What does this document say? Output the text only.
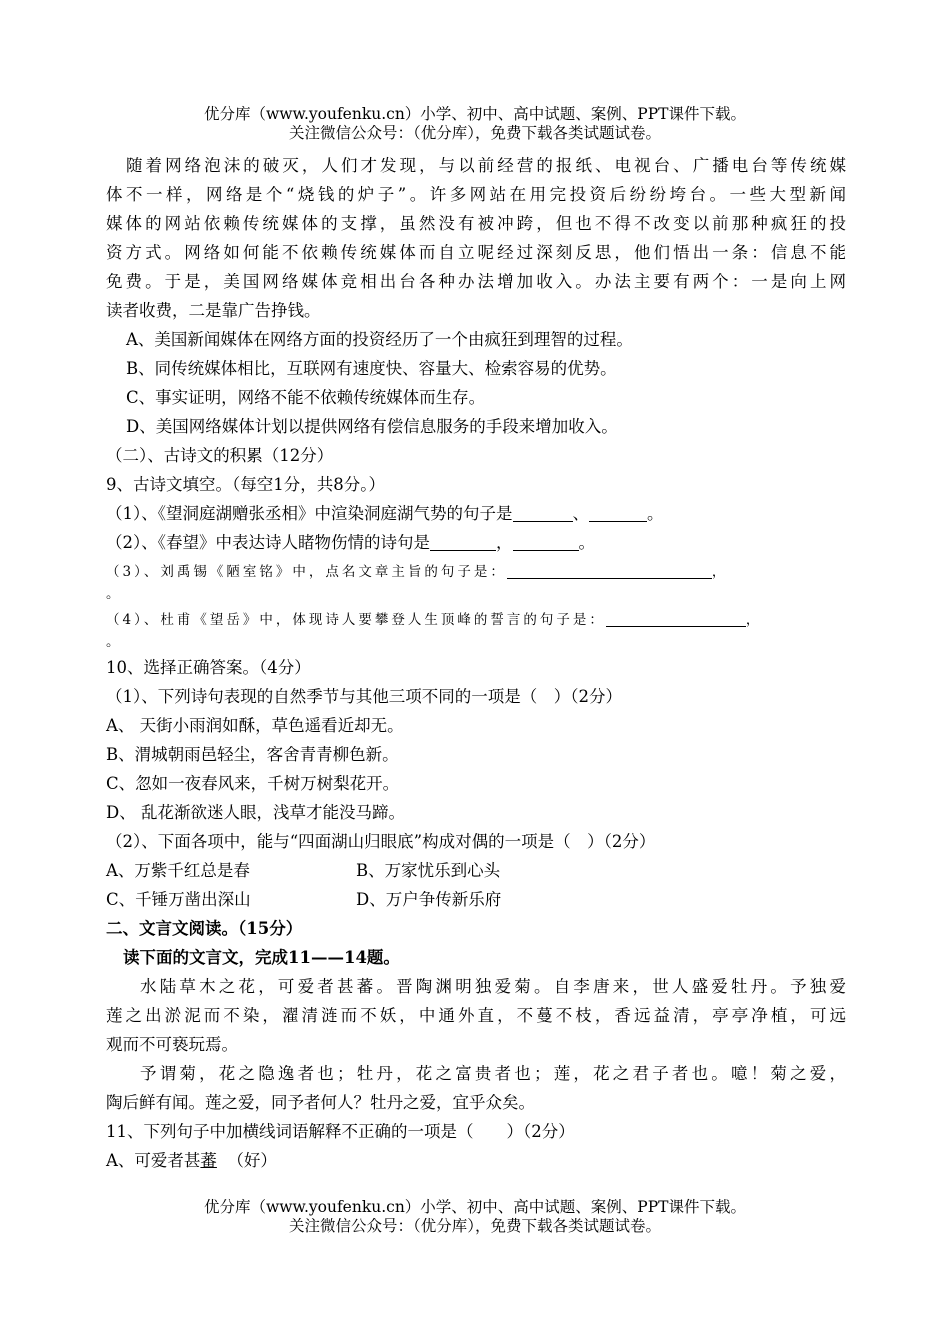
优分库（www.youfenku.cn）小学、初中、高中试题、案例、PPT课件下载。
关注微信公众号：（优分库），免费下载各类试题试卷。
随着网络泡沫的破灭，人们才发现，与以前经营的报纸、电视台、广播电台等传统媒
体不一样，网络是个“烧钱的炉子”。许多网站在用完投资后纷纷垮台。一些大型新闻
媒体的网站依赖传统媒体的支撑，虽然没有被冲跨，但也不得不改变以前那种疯狂的投
资方式。网络如何能不依赖传统媒体而自立呢经过深刻反思，他们悟出一条：信息不能
免费。于是，美国网络媒体竞相出台各种办法增加收入。办法主要有两个：一是向上网
读者收费，二是靠广告挣钱。
A、美国新闻媒体在网络方面的投资经历了一个由疯狂到理智的过程。
B、同传统媒体相比，互联网有速度快、容量大、检索容易的优势。
C、事实证明，网络不能不依赖传统媒体而生存。
D、美国网络媒体计划以提供网络有偿信息服务的手段来增加收入。
（二）、古诗文的积累（12分）
9、古诗文填空。（每空1分，共8分。）
（1）、《望洞庭湖赠张丞相》中渲染洞庭湖气势的句子是	、	。
（2）、《春望》中表达诗人睹物伤情的诗句是	，	。
（3）、刘禹锡《陋室铭》中，点名文章主旨的句子是：	，
。
（4）、杜甫《望岳》中，体现诗人要攀登人生顶峰的誓言的句子是：	，
。
10、选择正确答案。（4分）
（1）、下列诗句表现的自然季节与其他三项不同的一项是（　）（2分）
A、 天街小雨润如酥，草色遥看近却无。
B、渭城朝雨邑轻尘，客舍青青柳色新。
C、忽如一夜春风来，千树万树梨花开。
D、 乱花渐欲迷人眼，浅草才能没马蹄。
（2）、下面各项中，能与“四面湖山归眼底”构成对偶的一项是（　）（2分）
A、万紫千红总是春	B、万家忧乐到心头
C、千锤万凿出深山	D、万户争传新乐府
二、文言文阅读。（15分）
读下面的文言文，完成11——14题。
水陆草木之花，可爱者甚蕃。晋陶渊明独爱菊。自李唐来，世人盛爱牡丹。予独爱
莲之出淤泥而不染，濯清涟而不妖，中通外直，不蔓不枝，香远益清，亭亭净植，可远
观而不可亵玩焉。
予谓菊，花之隐逸者也；牡丹，花之富贵者也；莲，花之君子者也。噫！菊之爱，
陶后鲜有闻。莲之爱，同予者何人？牡丹之爱，宜乎众矣。
11、下列句子中加横线词语解释不正确的一项是（　　）（2分）
A、可爱者甚蕃 （好）
优分库（www.youfenku.cn）小学、初中、高中试题、案例、PPT课件下载。
关注微信公众号：（优分库），免费下载各类试题试卷。
